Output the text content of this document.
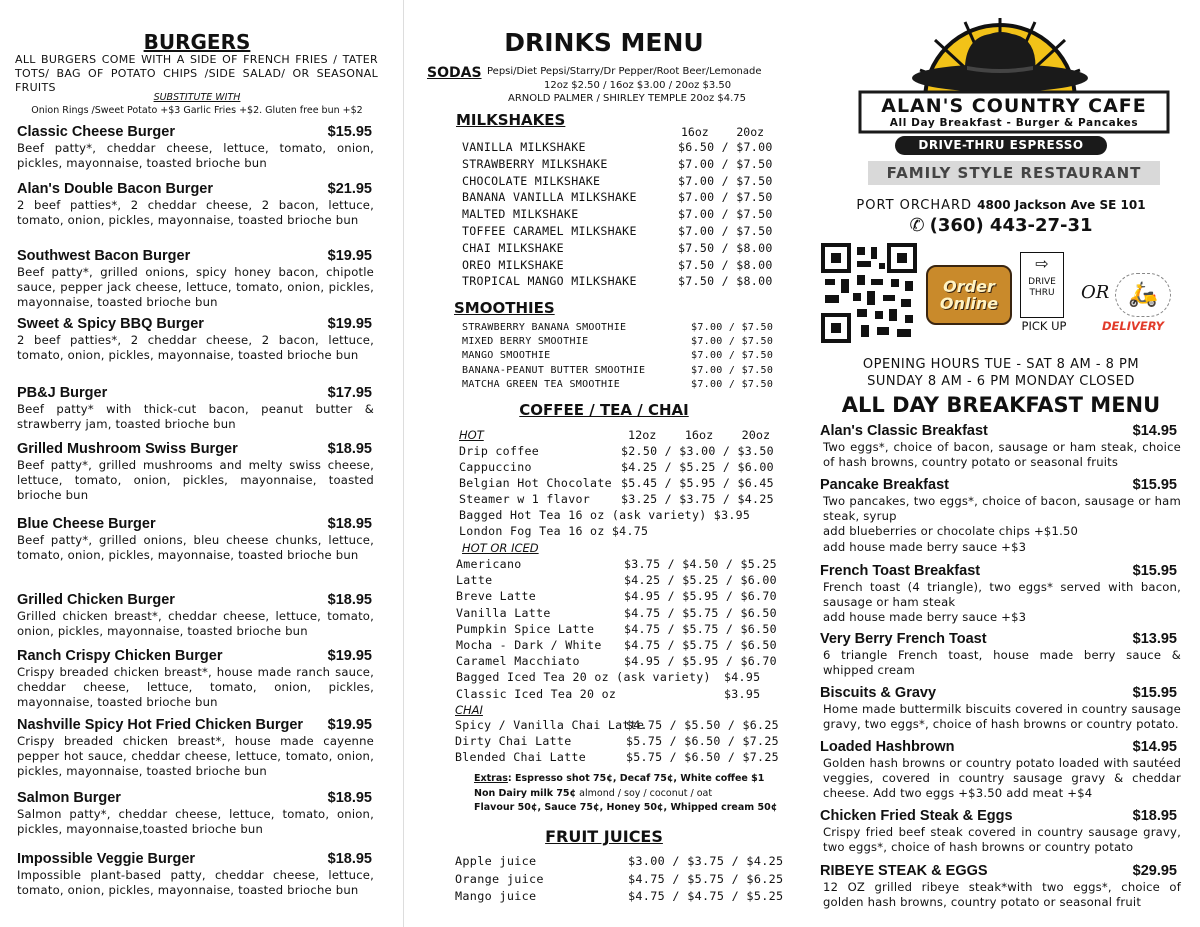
BURGERS
ALL BURGERS COME WITH A SIDE OF FRENCH FRIES / TATER TOTS/ BAG OF POTATO CHIPS /SIDE SALAD/ OR SEASONAL FRUITS
SUBSTITUTE WITH
Onion Rings /Sweet Potato +$3 Garlic Fries +$2. Gluten free bun +$2
Classic Cheese Burger	$15.95
Beef patty*, cheddar cheese, lettuce, tomato, onion, pickles, mayonnaise, toasted brioche bun
Alan's Double Bacon Burger	$21.95
2 beef patties*, 2 cheddar cheese, 2 bacon, lettuce, tomato, onion, pickles, mayonnaise, toasted brioche bun
Southwest Bacon Burger	$19.95
Beef patty*, grilled onions, spicy honey bacon, chipotle sauce, pepper jack cheese, lettuce, tomato, onion, pickles, mayonnaise, toasted brioche bun
Sweet & Spicy BBQ Burger	$19.95
2 beef patties*, 2 cheddar cheese, 2 bacon, lettuce, tomato, onion, pickles, mayonnaise, toasted brioche bun
PB&J Burger	$17.95
Beef patty* with thick-cut bacon, peanut butter & strawberry jam, toasted brioche bun
Grilled Mushroom Swiss Burger	$18.95
Beef patty*, grilled mushrooms and melty swiss cheese, lettuce, tomato, onion, pickles, mayonnaise, toasted brioche bun
Blue Cheese Burger	$18.95
Beef patty*, grilled onions, bleu cheese chunks, lettuce, tomato, onion, pickles, mayonnaise, toasted brioche bun
Grilled Chicken Burger	$18.95
Grilled chicken breast*, cheddar cheese, lettuce, tomato, onion, pickles, mayonnaise, toasted brioche bun
Ranch Crispy Chicken Burger	$19.95
Crispy breaded chicken breast*, house made ranch sauce, cheddar cheese, lettuce, tomato, onion, pickles, mayonnaise, toasted brioche bun
Nashville Spicy Hot Fried Chicken Burger $19.95
Crispy breaded chicken breast*, house made cayenne pepper hot sauce, cheddar cheese, lettuce, tomato, onion, pickles, mayonnaise, toasted brioche bun
Salmon Burger	$18.95
Salmon patty*, cheddar cheese, lettuce, tomato, onion, pickles, mayonnaise,toasted brioche bun
Impossible Veggie Burger	$18.95
Impossible plant-based patty, cheddar cheese, lettuce, tomato, onion, pickles, mayonnaise, toasted brioche bun
DRINKS MENU
SODAS Pepsi/Diet Pepsi/Starry/Dr Pepper/Root Beer/Lemonade
12oz $2.50 / 16oz $3.00 / 20oz $3.50
ARNOLD PALMER / SHIRLEY TEMPLE 20oz $4.75
MILKSHAKES
16oz    20oz
VANILLA MILKSHAKE	$6.50 / $7.00
STRAWBERRY MILKSHAKE	$7.00 / $7.50
CHOCOLATE MILKSHAKE	$7.00 / $7.50
BANANA VANILLA MILKSHAKE	$7.00 / $7.50
MALTED MILKSHAKE	$7.00 / $7.50
TOFFEE CARAMEL MILKSHAKE	$7.00 / $7.50
CHAI MILKSHAKE	$7.50 / $8.00
OREO MILKSHAKE	$7.50 / $8.00
TROPICAL MANGO MILKSHAKE	$7.50 / $8.00
SMOOTHIES
STRAWBERRY BANANA SMOOTHIE	$7.00 / $7.50
MIXED BERRY SMOOTHIE	$7.00 / $7.50
MANGO SMOOTHIE	$7.00 / $7.50
BANANA-PEANUT BUTTER SMOOTHIE	$7.00 / $7.50
MATCHA GREEN TEA SMOOTHIE	$7.00 / $7.50
COFFEE / TEA / CHAI
HOT	12oz    16oz    20oz
Drip coffee	$2.50 / $3.00 / $3.50
Cappuccino	$4.25 / $5.25 / $6.00
Belgian Hot Chocolate $5.45 / $5.95 / $6.45
Steamer w 1 flavor	$3.25 / $3.75 / $4.25
Bagged Hot Tea 16 oz (ask variety) $3.95
London Fog Tea 16 oz $4.75
HOT OR ICED
Americano	$3.75 / $4.50 / $5.25
Latte	$4.25 / $5.25 / $6.00
Breve Latte	$4.95 / $5.95 / $6.70
Vanilla Latte	$4.75 / $5.75 / $6.50
Pumpkin Spice Latte	$4.75 / $5.75 / $6.50
Mocha - Dark / White $4.75 / $5.75 / $6.50
Caramel Macchiato	$4.95 / $5.95 / $6.70
Bagged Iced Tea 20 oz (ask variety) $4.95
Classic Iced Tea 20 oz	$3.95
CHAI
Spicy / Vanilla Chai Latte
$4.75 / $5.50 / $6.25
Dirty Chai Latte	$5.75 / $6.50 / $7.25
Blended Chai Latte	$5.75 / $6.50 / $7.25
Extras: Espresso shot 75¢, Decaf 75¢, White coffee $1
Non Dairy milk 75¢ almond / soy / coconut / oat
Flavour 50¢, Sauce 75¢, Honey 50¢, Whipped cream 50¢
FRUIT JUICES
Apple juice	$3.00 / $3.75 / $4.25
Orange juice	$4.75 / $5.75 / $6.25
Mango juice	$4.75 / $4.75 / $5.25
ALAN'S COUNTRY CAFE
All Day Breakfast - Burger & Pancakes
DRIVE-THRU ESPRESSO
FAMILY STYLE RESTAURANT
PORT ORCHARD 4800 Jackson Ave SE 101
✆ (360) 443-27-31
Order Online
⇨
DRIVE THRU
PICK UP
OR 🛵
DELIVERY
OPENING HOURS TUE - SAT 8 AM - 8 PM
SUNDAY 8 AM - 6 PM MONDAY CLOSED
ALL DAY BREAKFAST MENU
Alan's Classic Breakfast	$14.95
Two eggs*, choice of bacon, sausage or ham steak, choice of hash browns, country potato or seasonal fruits
Pancake Breakfast	$15.95
Two pancakes, two eggs*, choice of bacon, sausage or ham steak, syrup
add blueberries or chocolate chips +$1.50
add house made berry sauce +$3
French Toast Breakfast	$15.95
French toast (4 triangle), two eggs* served with bacon, sausage or ham steak
add house made berry sauce +$3
Very Berry French Toast	$13.95
6 triangle French toast, house made berry sauce & whipped cream
Biscuits & Gravy	$15.95
Home made buttermilk biscuits covered in country sausage gravy, two eggs*, choice of hash browns or country potato.
Loaded Hashbrown	$14.95
Golden hash browns or country potato loaded with sautéed veggies, covered in country sausage gravy & cheddar cheese. Add two eggs +$3.50 add meat +$4
Chicken Fried Steak & Eggs	$18.95
Crispy fried beef steak covered in country sausage gravy, two eggs*, choice of hash browns or country potato
RIBEYE STEAK & EGGS	$29.95
12 OZ grilled ribeye steak*with two eggs*, choice of golden hash browns, country potato or seasonal fruit
